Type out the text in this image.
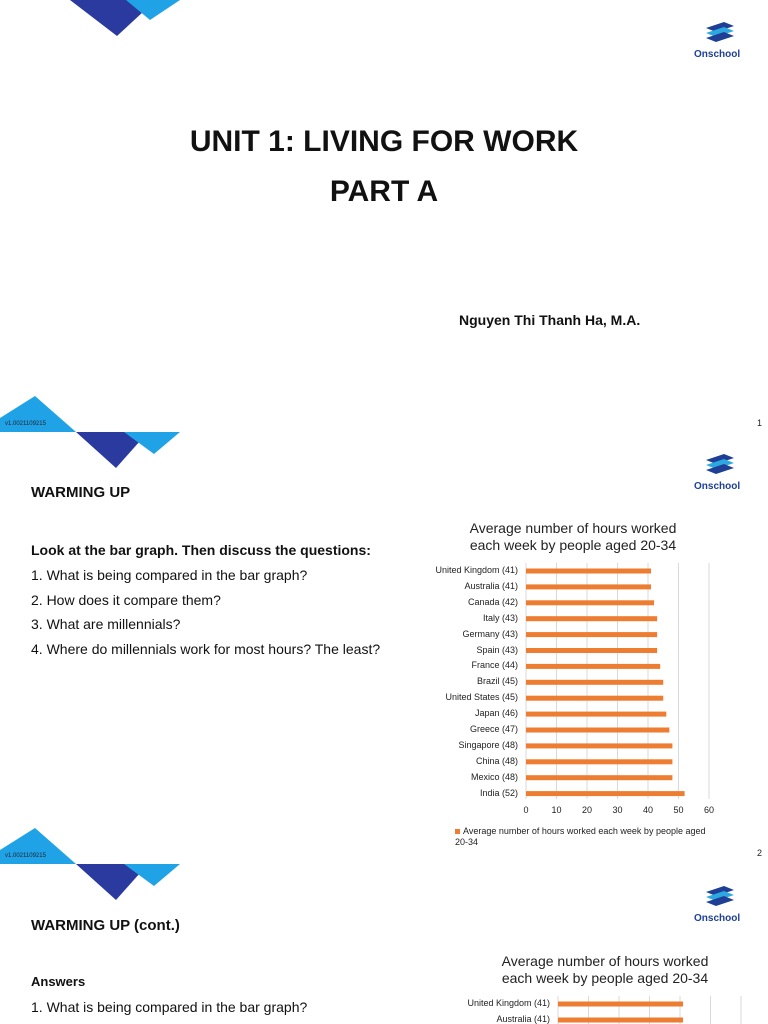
Onschool
UNIT 1: LIVING FOR WORK
PART A
Nguyen Thi Thanh Ha, M.A.
v1.0021109215	1
Onschool
WARMING UP
Look at the bar graph. Then discuss the questions:
1. What is being compared in the bar graph?
2. How does it compare them?
3. What are millennials?
4. Where do millennials work for most hours? The least?
Average number of hours worked
each week by people aged 20-34
United Kingdom (41)
Australia (41)
Canada (42)
Italy (43)
Germany (43)
Spain (43)
France (44)
Brazil (45)
United States (45)
Japan (46)
Greece (47)
Singapore (48)
China (48)
Mexico (48)
India (52)
0	10	20	30	40	50	60
Average number of hours worked each week by people aged 20-34
v1.0021109215	2
Onschool
WARMING UP (cont.)
Answers
1. What is being compared in the bar graph?
Average number of hours worked
each week by people aged 20-34
United Kingdom (41)
Australia (41)
